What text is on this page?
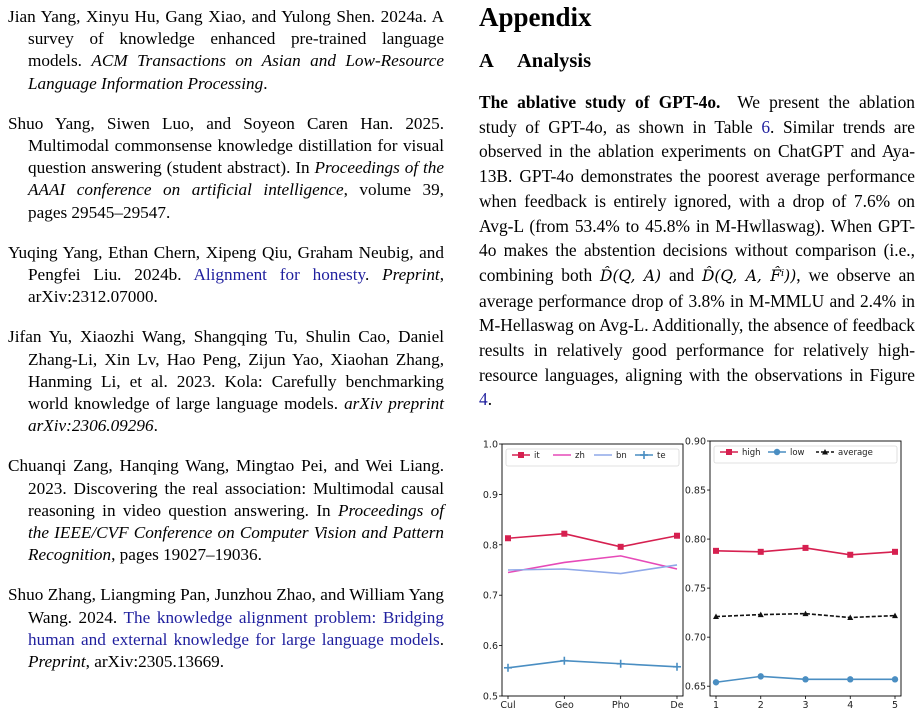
Jian Yang, Xinyu Hu, Gang Xiao, and Yulong Shen. 2024a. A survey of knowledge enhanced pre-trained language models. ACM Transactions on Asian and Low-Resource Language Information Processing.

Shuo Yang, Siwen Luo, and Soyeon Caren Han. 2025. Multimodal commonsense knowledge distillation for visual question answering (student abstract). In Proceedings of the AAAI conference on artificial intelligence, volume 39, pages 29545–29547.

Yuqing Yang, Ethan Chern, Xipeng Qiu, Graham Neubig, and Pengfei Liu. 2024b. Alignment for honesty. Preprint, arXiv:2312.07000.

Jifan Yu, Xiaozhi Wang, Shangqing Tu, Shulin Cao, Daniel Zhang-Li, Xin Lv, Hao Peng, Zijun Yao, Xiaohan Zhang, Hanming Li, et al. 2023. Kola: Carefully benchmarking world knowledge of large language models. arXiv preprint arXiv:2306.09296.

Chuanqi Zang, Hanqing Wang, Mingtao Pei, and Wei Liang. 2023. Discovering the real association: Multimodal causal reasoning in video question answering. In Proceedings of the IEEE/CVF Conference on Computer Vision and Pattern Recognition, pages 19027–19036.

Shuo Zhang, Liangming Pan, Junzhou Zhao, and William Yang Wang. 2024. The knowledge alignment problem: Bridging human and external knowledge for large language models. Preprint, arXiv:2305.13669.

Appendix
A Analysis

The ablative study of GPT-4o. We present the ablation study of GPT-4o, as shown in Table 6. Similar trends are observed in the ablation experiments on ChatGPT and Aya-13B. GPT-4o demonstrates the poorest average performance when feedback is entirely ignored, with a drop of 7.6% on Avg-L (from 53.4% to 45.8% in M-Hwllaswag). When GPT-4o makes the abstention decisions without comparison (i.e., combining both D̂(Q, A) and D̂(Q, A, F̂ⁱ)), we observe an average performance drop of 3.8% in M-MMLU and 2.4% in M-Hellaswag on Avg-L. Additionally, the absence of feedback results in relatively good performance for relatively high-resource languages, aligning with the observations in Figure 4.

0.5
0.6
0.7
0.8
0.9
1.0
Cul	Geo	Pho	De
it	zh	bn	te
0.65
0.70
0.75
0.80
0.85
0.90
1	2	3	4	5
high	low	average
